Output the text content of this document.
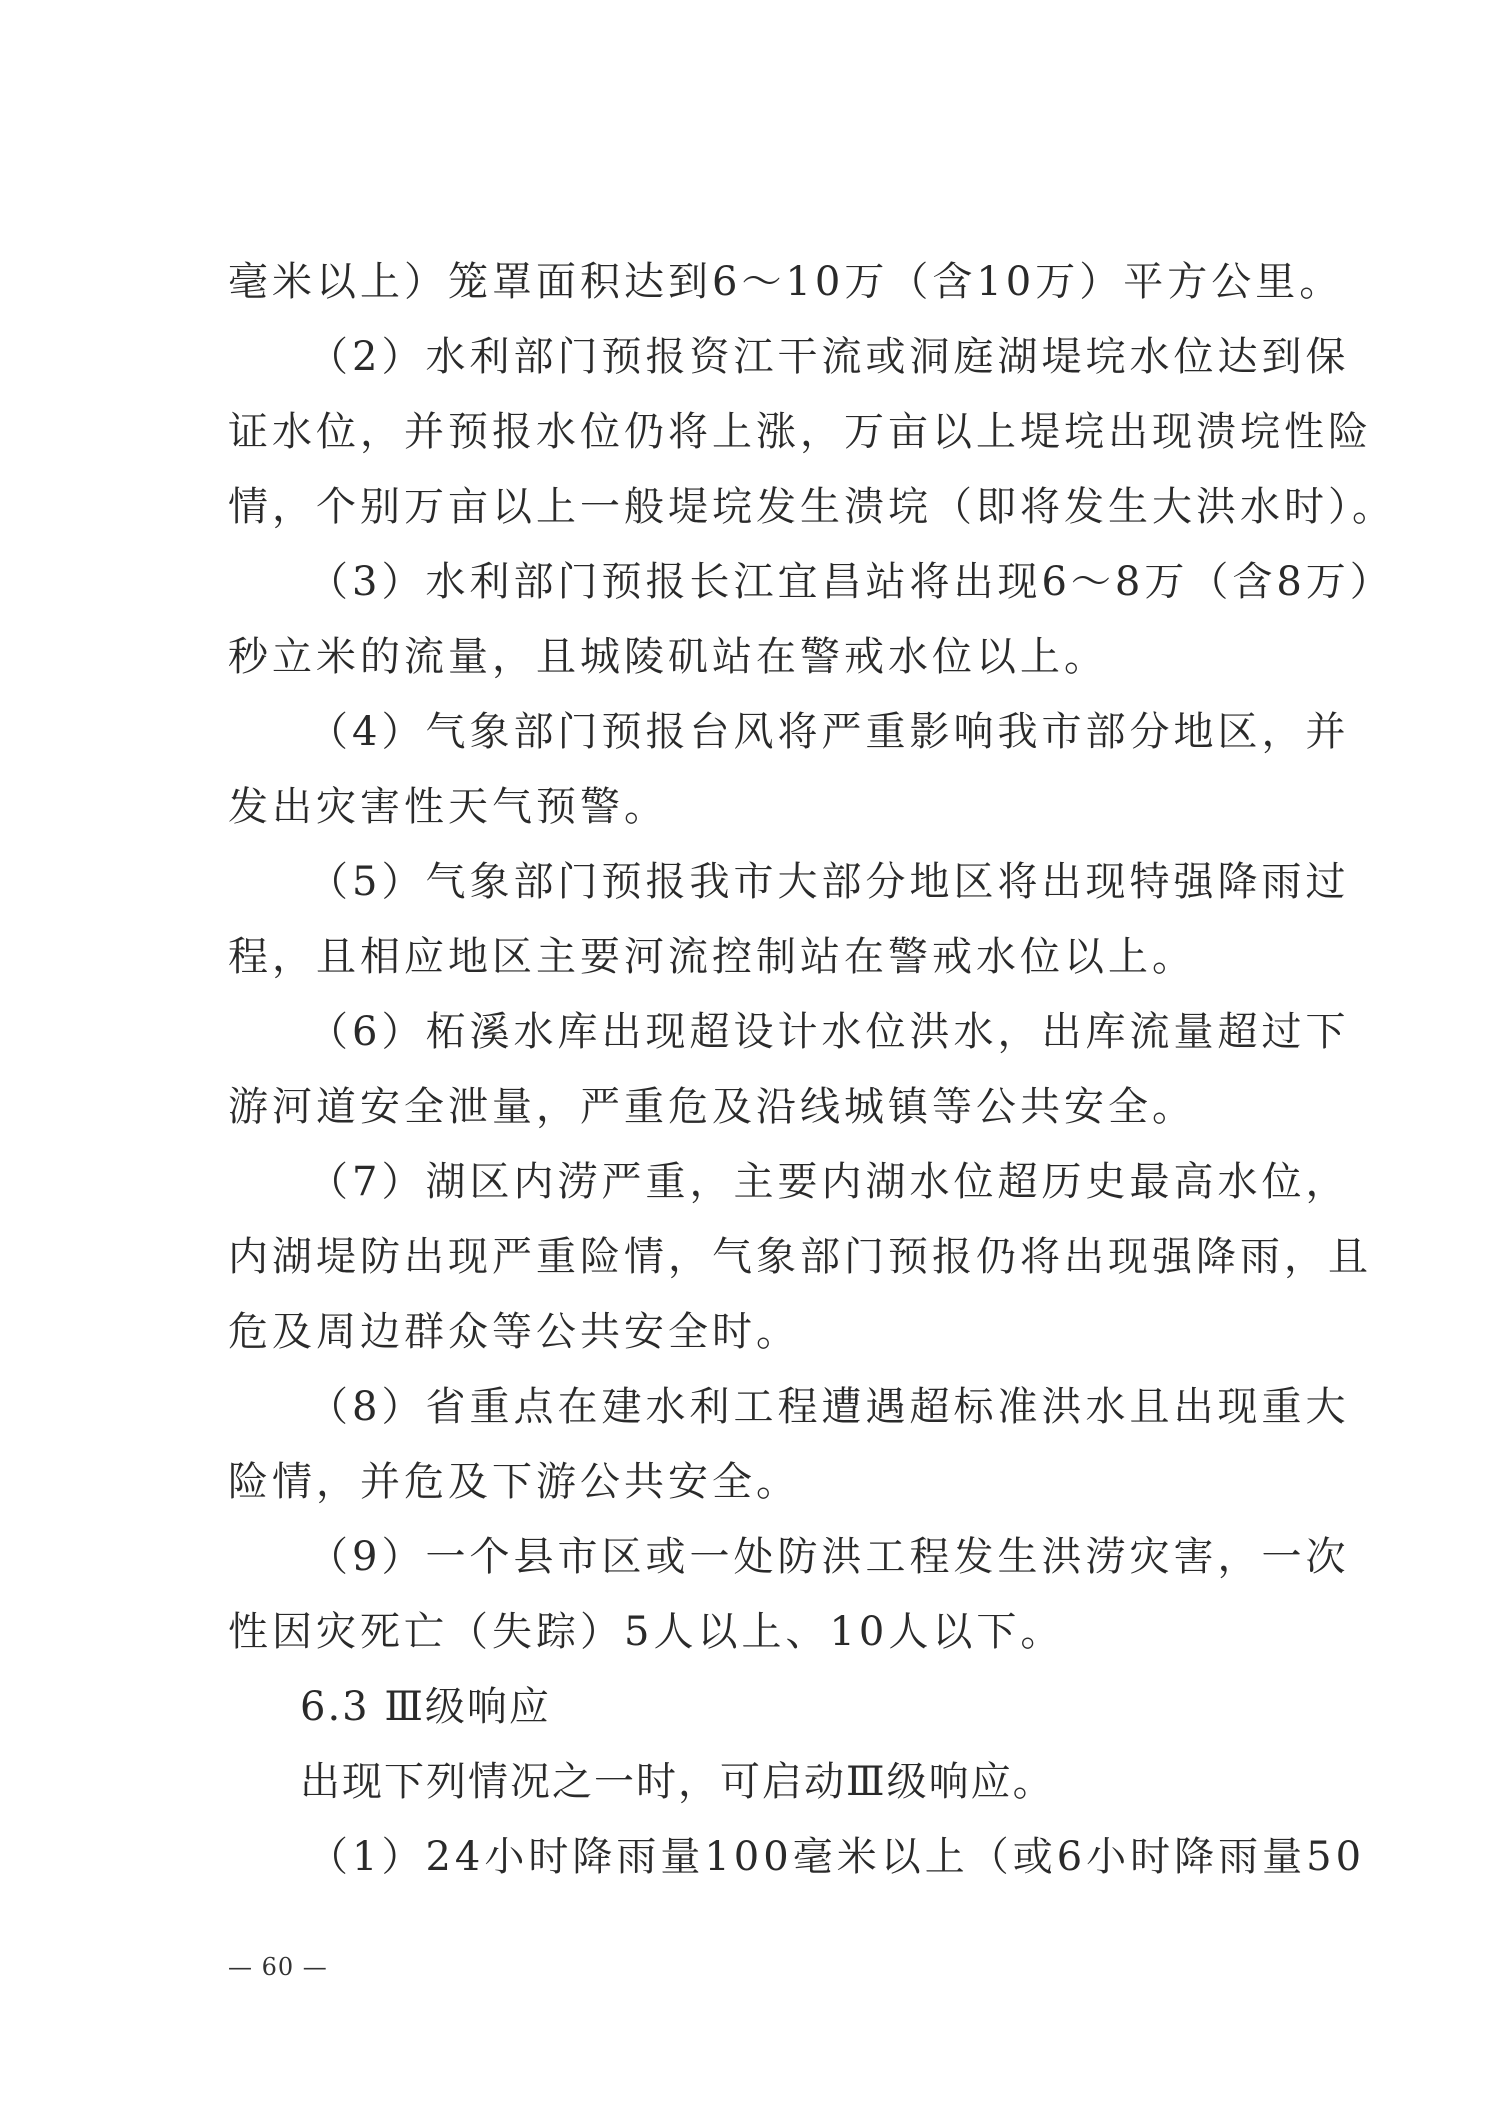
毫米以上）笼罩面积达到6～10万（含10万）平方公里。

（2）水利部门预报资江干流或洞庭湖堤垸水位达到保

证水位，并预报水位仍将上涨，万亩以上堤垸出现溃垸性险

情，个别万亩以上一般堤垸发生溃垸（即将发生大洪水时）。

（3）水利部门预报长江宜昌站将出现6～8万（含8万）

秒立米的流量，且城陵矶站在警戒水位以上。

（4）气象部门预报台风将严重影响我市部分地区，并

发出灾害性天气预警。

（5）气象部门预报我市大部分地区将出现特强降雨过

程，且相应地区主要河流控制站在警戒水位以上。

（6）柘溪水库出现超设计水位洪水，出库流量超过下

游河道安全泄量，严重危及沿线城镇等公共安全。

（7）湖区内涝严重，主要内湖水位超历史最高水位，

内湖堤防出现严重险情，气象部门预报仍将出现强降雨，且

危及周边群众等公共安全时。

（8）省重点在建水利工程遭遇超标准洪水且出现重大

险情，并危及下游公共安全。

（9）一个县市区或一处防洪工程发生洪涝灾害，一次

性因灾死亡（失踪）5人以上、10人以下。

6.3 Ⅲ级响应

出现下列情况之一时，可启动Ⅲ级响应。

（1）24小时降雨量100毫米以上（或6小时降雨量50

— 60 —
